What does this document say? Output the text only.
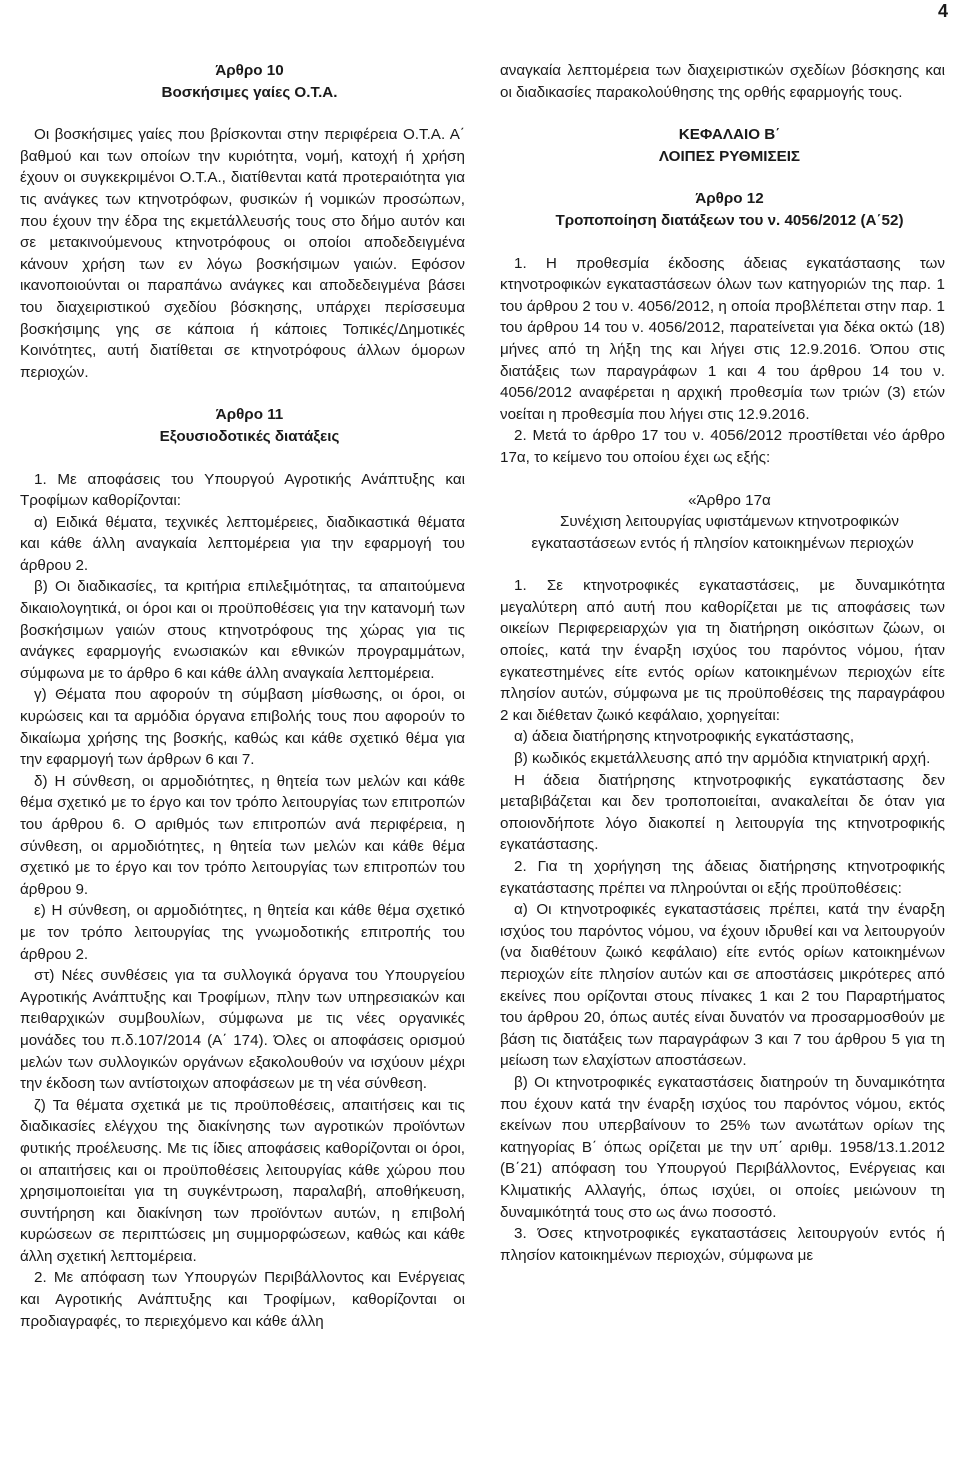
4

Άρθρο 10

Βοσκήσιμες γαίες Ο.Τ.Α.

Οι βοσκήσιμες γαίες που βρίσκονται στην περιφέρεια Ο.Τ.Α. Α΄ βαθμού και των οποίων την κυριότητα, νομή, κατοχή ή χρήση έχουν οι συγκεκριμένοι Ο.Τ.Α., διατίθενται κατά προτεραιότητα για τις ανάγκες των κτηνοτρόφων, φυσικών ή νομικών προσώπων, που έχουν την έδρα της εκμετάλλευσής τους στο δήμο αυτόν και σε μετακινούμενους κτηνοτρόφους οι οποίοι αποδεδειγμένα κάνουν χρήση των εν λόγω βοσκήσιμων γαιών. Εφόσον ικανοποιούνται οι παραπάνω ανάγκες και αποδεδειγμένα βάσει του διαχειριστικού σχεδίου βόσκησης, υπάρχει περίσσευμα βοσκήσιμης γης σε κάποια ή κάποιες Τοπικές/Δημοτικές Κοινότητες, αυτή διατίθεται σε κτηνοτρόφους άλλων όμορων περιοχών.

Άρθρο 11

Εξουσιοδοτικές διατάξεις

1. Με αποφάσεις του Υπουργού Αγροτικής Ανάπτυξης και Τροφίμων καθορίζονται:

α) Ειδικά θέματα, τεχνικές λεπτομέρειες, διαδικαστικά θέματα και κάθε άλλη αναγκαία λεπτομέρεια για την εφαρμογή του άρθρου 2.

β) Οι διαδικασίες, τα κριτήρια επιλεξιμότητας, τα απαιτούμενα δικαιολογητικά, οι όροι και οι προϋποθέσεις για την κατανομή των βοσκήσιμων γαιών στους κτηνοτρόφους της χώρας για τις ανάγκες εφαρμογής ενωσιακών και εθνικών προγραμμάτων, σύμφωνα με το άρθρο 6 και κάθε άλλη αναγκαία λεπτομέρεια.

γ) Θέματα που αφορούν τη σύμβαση μίσθωσης, οι όροι, οι κυρώσεις και τα αρμόδια όργανα επιβολής τους που αφορούν το δικαίωμα χρήσης της βοσκής, καθώς και κάθε σχετικό θέμα για την εφαρμογή των άρθρων 6 και 7.

δ) Η σύνθεση, οι αρμοδιότητες, η θητεία των μελών και κάθε θέμα σχετικό με το έργο και τον τρόπο λειτουργίας των επιτροπών του άρθρου 6. Ο αριθμός των επιτροπών ανά περιφέρεια, η σύνθεση, οι αρμοδιότητες, η θητεία των μελών και κάθε θέμα σχετικό με το έργο και τον τρόπο λειτουργίας των επιτροπών του άρθρου 9.

ε) Η σύνθεση, οι αρμοδιότητες, η θητεία και κάθε θέμα σχετικό με τον τρόπο λειτουργίας της γνωμοδοτικής επιτροπής του άρθρου 2.

στ) Νέες συνθέσεις για τα συλλογικά όργανα του Υπουργείου Αγροτικής Ανάπτυξης και Τροφίμων, πλην των υπηρεσιακών και πειθαρχικών συμβουλίων, σύμφωνα με τις νέες οργανικές μονάδες του π.δ.107/2014 (Α΄ 174). Όλες οι αποφάσεις ορισμού μελών των συλλογικών οργάνων εξακολουθούν να ισχύουν μέχρι την έκδοση των αντίστοιχων αποφάσεων με τη νέα σύνθεση.

ζ) Τα θέματα σχετικά με τις προϋποθέσεις, απαιτήσεις και τις διαδικασίες ελέγχου της διακίνησης των αγροτικών προϊόντων φυτικής προέλευσης. Με τις ίδιες αποφάσεις καθορίζονται οι όροι, οι απαιτήσεις και οι προϋποθέσεις λειτουργίας κάθε χώρου που χρησιμοποιείται για τη συγκέντρωση, παραλαβή, αποθήκευση, συντήρηση και διακίνηση των προϊόντων αυτών, η επιβολή κυρώσεων σε περιπτώσεις μη συμμορφώσεων, καθώς και κάθε άλλη σχετική λεπτομέρεια.

2. Με απόφαση των Υπουργών Περιβάλλοντος και Ενέργειας και Αγροτικής Ανάπτυξης και Τροφίμων, καθορίζονται οι προδιαγραφές, το περιεχόμενο και κάθε άλλη

αναγκαία λεπτομέρεια των διαχειριστικών σχεδίων βόσκησης και οι διαδικασίες παρακολούθησης της ορθής εφαρμογής τους.

ΚΕΦΑΛΑΙΟ Β΄

ΛΟΙΠΕΣ ΡΥΘΜΙΣΕΙΣ

Άρθρο 12

Τροποποίηση διατάξεων του ν. 4056/2012 (Α΄52)

1. Η προθεσμία έκδοσης άδειας εγκατάστασης των κτηνοτροφικών εγκαταστάσεων όλων των κατηγοριών της παρ. 1 του άρθρου 2 του ν. 4056/2012, η οποία προβλέπεται στην παρ. 1 του άρθρου 14 του ν. 4056/2012, παρατείνεται για δέκα οκτώ (18) μήνες από τη λήξη της και λήγει στις 12.9.2016. Όπου στις διατάξεις των παραγράφων 1 και 4 του άρθρου 14 του ν. 4056/2012 αναφέρεται η αρχική προθεσμία των τριών (3) ετών νοείται η προθεσμία που λήγει στις 12.9.2016.

2. Μετά το άρθρο 17 του ν. 4056/2012 προστίθεται νέο άρθρο 17α, το κείμενο του οποίου έχει ως εξής:

«Άρθρο 17α

Συνέχιση λειτουργίας υφιστάμενων κτηνοτροφικών εγκαταστάσεων εντός ή πλησίον κατοικημένων περιοχών

1. Σε κτηνοτροφικές εγκαταστάσεις, με δυναμικότητα μεγαλύτερη από αυτή που καθορίζεται με τις αποφάσεις των οικείων Περιφερειαρχών για τη διατήρηση οικόσιτων ζώων, οι οποίες, κατά την έναρξη ισχύος του παρόντος νόμου, ήταν εγκατεστημένες είτε εντός ορίων κατοικημένων περιοχών είτε πλησίον αυτών, σύμφωνα με τις προϋποθέσεις της παραγράφου 2 και διέθεταν ζωικό κεφάλαιο, χορηγείται:

α) άδεια διατήρησης κτηνοτροφικής εγκατάστασης,

β) κωδικός εκμετάλλευσης από την αρμόδια κτηνιατρική αρχή.

Η άδεια διατήρησης κτηνοτροφικής εγκατάστασης δεν μεταβιβάζεται και δεν τροποποιείται, ανακαλείται δε όταν για οποιονδήποτε λόγο διακοπεί η λειτουργία της κτηνοτροφικής εγκατάστασης.

2. Για τη χορήγηση της άδειας διατήρησης κτηνοτροφικής εγκατάστασης πρέπει να πληρούνται οι εξής προϋποθέσεις:

α) Οι κτηνοτροφικές εγκαταστάσεις πρέπει, κατά την έναρξη ισχύος του παρόντος νόμου, να έχουν ιδρυθεί και να λειτουργούν (να διαθέτουν ζωικό κεφάλαιο) είτε εντός ορίων κατοικημένων περιοχών είτε πλησίον αυτών και σε αποστάσεις μικρότερες από εκείνες που ορίζονται στους πίνακες 1 και 2 του Παραρτήματος του άρθρου 20, όπως αυτές είναι δυνατόν να προσαρμοσθούν με βάση τις διατάξεις των παραγράφων 3 και 7 του άρθρου 5 για τη μείωση των ελαχίστων αποστάσεων.

β) Οι κτηνοτροφικές εγκαταστάσεις διατηρούν τη δυναμικότητα που έχουν κατά την έναρξη ισχύος του παρόντος νόμου, εκτός εκείνων που υπερβαίνουν το 25% των ανωτάτων ορίων της κατηγορίας Β΄ όπως ορίζεται με την υπ΄ αριθμ. 1958/13.1.2012 (Β΄21) απόφαση του Υπουργού Περιβάλλοντος, Ενέργειας και Κλιματικής Αλλαγής, όπως ισχύει, οι οποίες μειώνουν τη δυναμικότητά τους στο ως άνω ποσοστό.

3. Όσες κτηνοτροφικές εγκαταστάσεις λειτουργούν εντός ή πλησίον κατοικημένων περιοχών, σύμφωνα με
